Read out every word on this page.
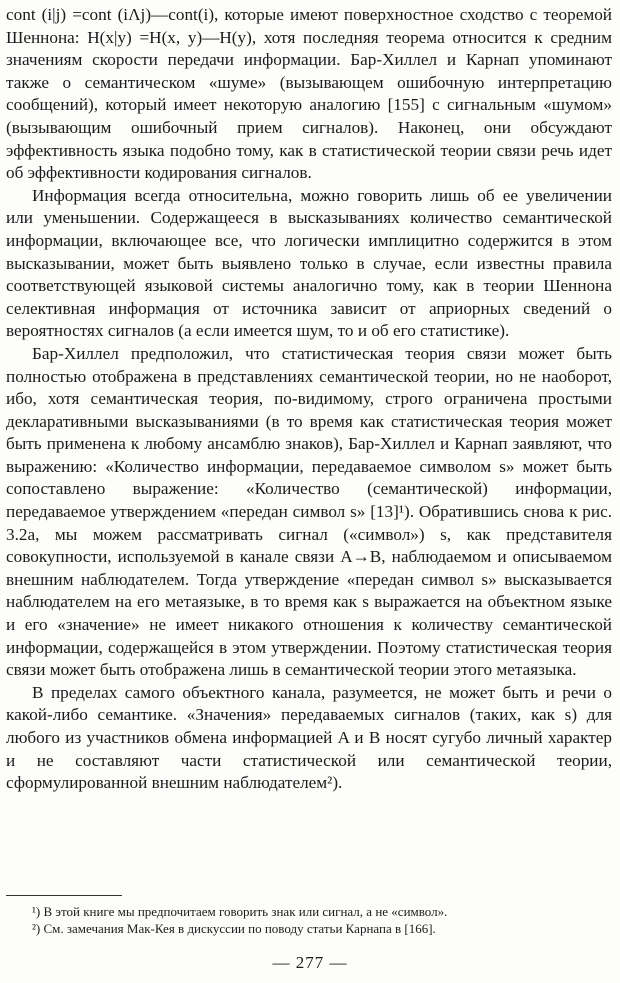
cont (i|j) =cont (iΛj)—cont(i), которые имеют поверхностное сходство с теоремой Шеннона: H(x|y) =H(x, y)—H(y), хотя последняя теорема относится к средним значениям скорости передачи информации. Бар-Хиллел и Карнап упоминают также о семантическом «шуме» (вызывающем ошибочную интерпретацию сообщений), который имеет некоторую аналогию [155] с сигнальным «шумом» (вызывающим ошибочный прием сигналов). Наконец, они обсуждают эффективность языка подобно тому, как в статистической теории связи речь идет об эффективности кодирования сигналов.

Информация всегда относительна, можно говорить лишь об ее увеличении или уменьшении. Содержащееся в высказываниях количество семантической информации, включающее все, что логически имплицитно содержится в этом высказывании, может быть выявлено только в случае, если известны правила соответствующей языковой системы аналогично тому, как в теории Шеннона селективная информация от источника зависит от априорных сведений о вероятностях сигналов (а если имеется шум, то и об его статистике).

Бар-Хиллел предположил, что статистическая теория связи может быть полностью отображена в представлениях семантической теории, но не наоборот, ибо, хотя семантическая теория, по-видимому, строго ограничена простыми декларативными высказываниями (в то время как статистическая теория может быть применена к любому ансамблю знаков), Бар-Хиллел и Карнап заявляют, что выражению: «Количество информации, передаваемое символом s» может быть сопоставлено выражение: «Количество (семантической) информации, передаваемое утверждением «передан символ s» [13]¹). Обратившись снова к рис. 3.2a, мы можем рассматривать сигнал («символ») s, как представителя совокупности, используемой в канале связи A→B, наблюдаемом и описываемом внешним наблюдателем. Тогда утверждение «передан символ s» высказывается наблюдателем на его метаязыке, в то время как s выражается на объектном языке и его «значение» не имеет никакого отношения к количеству семантической информации, содержащейся в этом утверждении. Поэтому статистическая теория связи может быть отображена лишь в семантической теории этого метаязыка.

В пределах самого объектного канала, разумеется, не может быть и речи о какой-либо семантике. «Значения» передаваемых сигналов (таких, как s) для любого из участников обмена информацией A и B носят сугубо личный характер и не составляют части статистической или семантической теории, сформулированной внешним наблюдателем²).

¹) В этой книге мы предпочитаем говорить знак или сигнал, а не «символ».

²) См. замечания Мак-Кея в дискуссии по поводу статьи Карнапа в [166].

— 277 —
